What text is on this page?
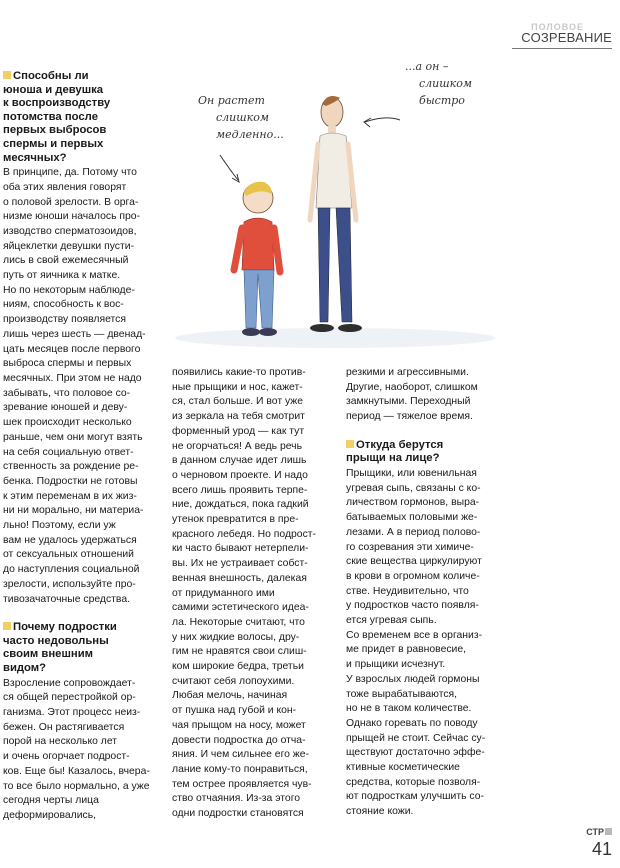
ПОЛОВОЕ
СОЗРЕВАНИЕ
Он растет
слишком
медленно...
...а он –
слишком
быстро
Способны ли
юноша и девушка
к воспроизводству
потомства после
первых выбросов
спермы и первых
месячных?
В принципе, да. Потому что
оба этих явления говорят
о половой зрелости. В орга-
низме юноши началось про-
изводство сперматозоидов,
яйцеклетки девушки пусти-
лись в свой ежемесячный
путь от яичника к матке.
Но по некоторым наблюде-
ниям, способность к вос-
производству появляется
лишь через шесть — двенад-
цать месяцев после первого
выброса спермы и первых
месячных. При этом не надо
забывать, что половое со-
зревание юношей и деву-
шек происходит несколько
раньше, чем они могут взять
на себя социальную ответ-
ственность за рождение ре-
бенка. Подростки не готовы
к этим переменам в их жиз-
ни ни морально, ни материа-
льно! Поэтому, если уж
вам не удалось удержаться
от сексуальных отношений
до наступления социальной
зрелости, используйте про-
тивозачаточные средства.
Почему подростки
часто недовольны
своим внешним
видом?
Взросление сопровождает-
ся общей перестройкой ор-
ганизма. Этот процесс неиз-
бежен. Он растягивается
порой на несколько лет
и очень огорчает подрост-
ков. Еще бы! Казалось, вчера-
то все было нормально, а уже сегодня черты лица деформировались,
появились какие-то против-
ные прыщики и нос, кажет-
ся, стал больше. И вот уже
из зеркала на тебя смотрит
форменный урод — как тут
не огорчаться! А ведь речь
в данном случае идет лишь
о черновом проекте. И надо
всего лишь проявить терпе-
ние, дождаться, пока гадкий
утенок превратится в пре-
красного лебедя. Но подрост-
ки часто бывают нетерпели-
вы. Их не устраивает собст-
венная внешность, далекая
от придуманного ими
самими эстетического идеа-
ла. Некоторые считают, что
у них жидкие волосы, дру-
гим не нравятся свои слиш-
ком широкие бедра, третьи
считают себя лопоухими.
Любая мелочь, начиная
от пушка над губой и кон-
чая прыщом на носу, может
довести подростка до отча-
яния. И чем сильнее его же-
лание кому-то понравиться,
тем острее проявляется чув-
ство отчаяния. Из-за этого
одни подростки становятся
резкими и агрессивными.
Другие, наоборот, слишком
замкнутыми. Переходный
период — тяжелое время.
Откуда берутся
прыщи на лице?
Прыщики, или ювенильная
угревая сыпь, связаны с ко-
личеством гормонов, выра-
батываемых половыми же-
лезами. А в период полово-
го созревания эти химиче-
ские вещества циркулируют
в крови в огромном количе-
стве. Неудивительно, что
у подростков часто появля-
ется угревая сыпь.
Со временем все в организ-
ме придет в равновесие,
и прыщики исчезнут.
У взрослых людей гормоны
тоже вырабатываются,
но не в таком количестве.
Однако горевать по поводу
прыщей не стоит. Сейчас су-
ществуют достаточно эффе-
ктивные косметические
средства, которые позволя-
ют подросткам улучшить со-
стояние кожи.
СТР
41
